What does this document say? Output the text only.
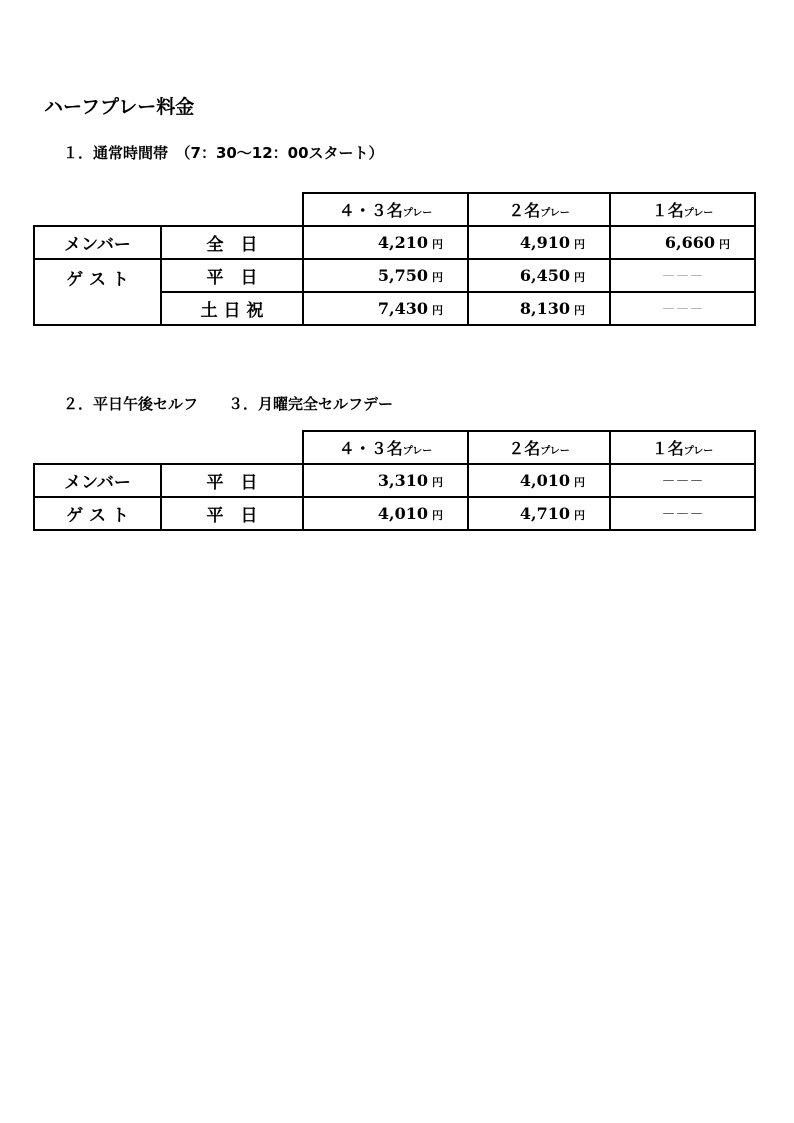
ハーフプレー料金
１．通常時間帯　（7：30～12：00スタート）
		４・３名プレー	２名プレー	１名プレー
メンバー	全　日	4,210 円	4,910 円	6,660 円
ゲ ス ト	平　日	5,750 円	6,450 円	－－－
	土 日 祝	7,430 円	8,130 円	－－－
２．平日午後セルフ　　３．月曜完全セルフデー
		４・３名プレー	２名プレー	１名プレー
メンバー	平　日	3,310 円	4,010 円	－－－
ゲ ス ト	平　日	4,010 円	4,710 円	－－－
